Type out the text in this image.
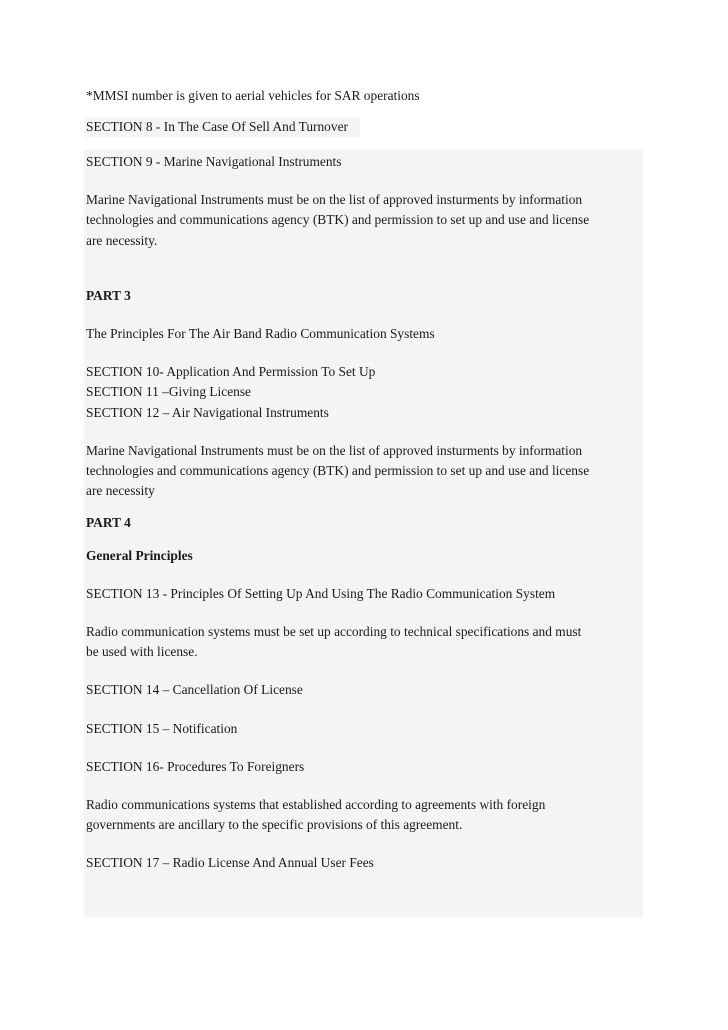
*MMSI number is given to aerial vehicles for SAR operations
SECTION 8 - In The Case Of Sell And Turnover

SECTION 9 - Marine Navigational Instruments

Marine Navigational Instruments must be on the list of approved insturments by information

technologies and communications agency (BTK) and permission to set up and use and license

are necessity.

PART 3

The Principles For The Air Band Radio Communication Systems

SECTION 10- Application And Permission To Set Up

SECTION 11 –Giving License

SECTION 12 – Air Navigational Instruments

Marine Navigational Instruments must be on the list of approved insturments by information

technologies and communications agency (BTK) and permission to set up and use and license

are necessity

PART 4

General Principles

SECTION 13 - Principles Of Setting Up And Using The Radio Communication System

Radio communication systems must be set up according to technical specifications and must

be used with license.

SECTION 14 – Cancellation Of License

SECTION 15 – Notification

SECTION 16- Procedures To Foreigners

Radio communications systems that established according to agreements with foreign

governments are ancillary to the specific provisions of this agreement.

SECTION 17 – Radio License And Annual User Fees
